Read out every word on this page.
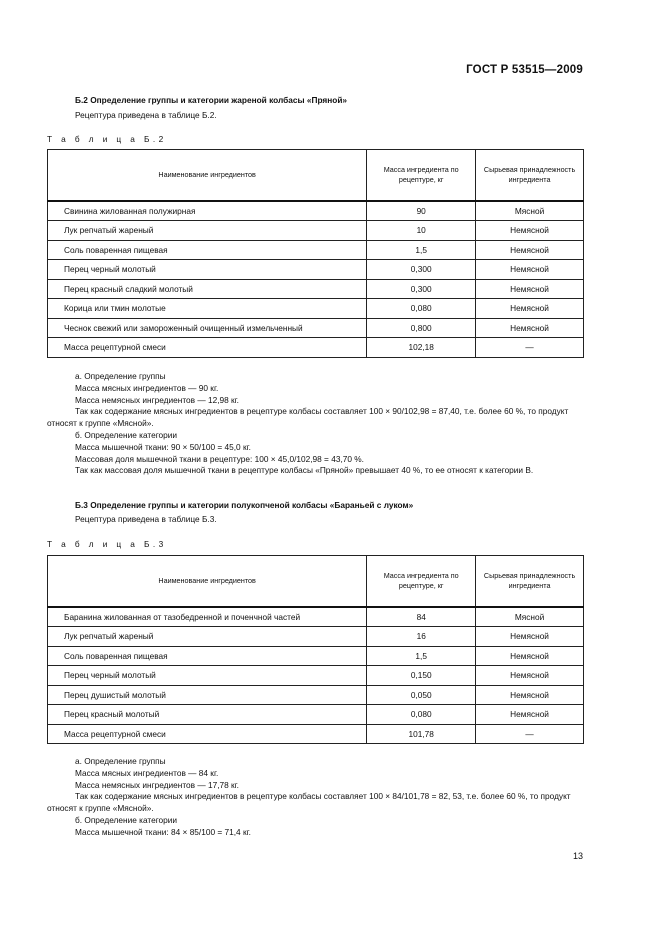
ГОСТ Р 53515—2009
Б.2 Определение группы и категории жареной колбасы «Пряной»
Рецептура приведена в таблице Б.2.
Т а б л и ц а Б.2
Наименование ингредиентов	Масса ингредиента по рецептуре, кг	Сырьевая принадлежность ингредиента
Свинина жилованная полужирная	90	Мясной
Лук репчатый жареный	10	Немясной
Соль поваренная пищевая	1,5	Немясной
Перец черный молотый	0,300	Немясной
Перец красный сладкий молотый	0,300	Немясной
Корица или тмин молотые	0,080	Немясной
Чеснок свежий или замороженный очищенный измельченный	0,800	Немясной
Масса рецептурной смеси	102,18	—
а. Определение группы
Масса мясных ингредиентов — 90 кг.
Масса немясных ингредиентов — 12,98 кг.
Так как содержание мясных ингредиентов в рецептуре колбасы составляет 100 × 90/102,98 = 87,40, т.е. более 60 %, то продукт относят к группе «Мясной».
б. Определение категории
Масса мышечной ткани: 90 × 50/100 = 45,0 кг.
Массовая доля мышечной ткани в рецептуре: 100 × 45,0/102,98 = 43,70 %.
Так как массовая доля мышечной ткани в рецептуре колбасы «Пряной» превышает 40 %, то ее относят к категории В.
Б.3 Определение группы и категории полукопченой колбасы «Бараньей с луком»
Рецептура приведена в таблице Б.3.
Т а б л и ц а Б.3
Наименование ингредиентов	Масса ингредиента по рецептуре, кг	Сырьевая принадлежность ингредиента
Баранина жилованная от тазобедренной и поченчной частей	84	Мясной
Лук репчатый жареный	16	Немясной
Соль поваренная пищевая	1,5	Немясной
Перец черный молотый	0,150	Немясной
Перец душистый молотый	0,050	Немясной
Перец красный молотый	0,080	Немясной
Масса рецептурной смеси	101,78	—
а. Определение группы
Масса мясных ингредиентов — 84 кг.
Масса немясных ингредиентов — 17,78 кг.
Так как содержание мясных ингредиентов в рецептуре колбасы составляет 100 × 84/101,78 = 82, 53, т.е. более 60 %, то продукт относят к группе «Мясной».
б. Определение категории
Масса мышечной ткани: 84 × 85/100 = 71,4 кг.
13
